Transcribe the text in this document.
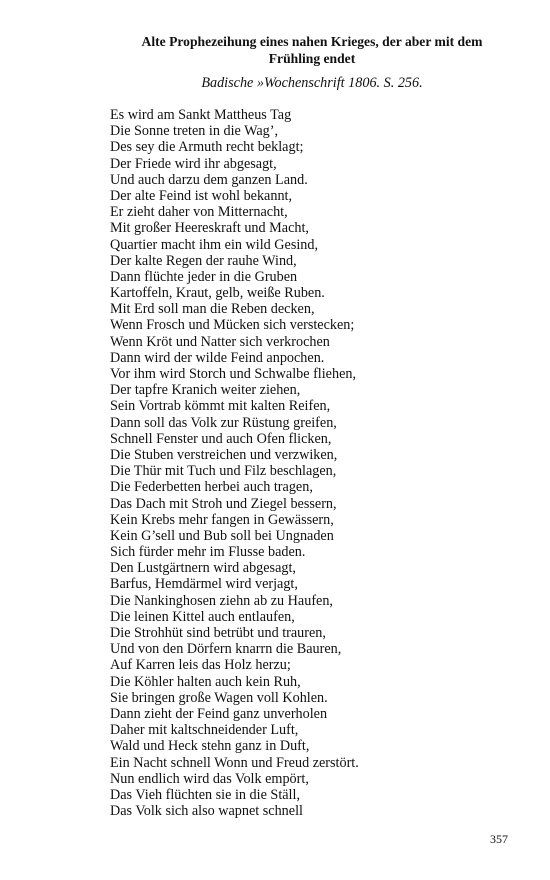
Alte Prophezeihung eines nahen Krieges, der aber mit dem
Frühling endet

Badische »Wochenschrift 1806. S. 256.

Es wird am Sankt Mattheus Tag
Die Sonne treten in die Wag’,
Des sey die Armuth recht beklagt;
Der Friede wird ihr abgesagt,
Und auch darzu dem ganzen Land.
Der alte Feind ist wohl bekannt,
Er zieht daher von Mitternacht,
Mit großer Heereskraft und Macht,
Quartier macht ihm ein wild Gesind,
Der kalte Regen der rauhe Wind,
Dann flüchte jeder in die Gruben
Kartoffeln, Kraut, gelb, weiße Ruben.
Mit Erd soll man die Reben decken,
Wenn Frosch und Mücken sich verstecken;
Wenn Kröt und Natter sich verkrochen
Dann wird der wilde Feind anpochen.
Vor ihm wird Storch und Schwalbe fliehen,
Der tapfre Kranich weiter ziehen,
Sein Vortrab kömmt mit kalten Reifen,
Dann soll das Volk zur Rüstung greifen,
Schnell Fenster und auch Ofen flicken,
Die Stuben verstreichen und verzwiken,
Die Thür mit Tuch und Filz beschlagen,
Die Federbetten herbei auch tragen,
Das Dach mit Stroh und Ziegel bessern,
Kein Krebs mehr fangen in Gewässern,
Kein G’sell und Bub soll bei Ungnaden
Sich fürder mehr im Flusse baden.
Den Lustgärtnern wird abgesagt,
Barfus, Hemdärmel wird verjagt,
Die Nankinghosen ziehn ab zu Haufen,
Die leinen Kittel auch entlaufen,
Die Strohhüt sind betrübt und trauren,
Und von den Dörfern knarrn die Bauren,
Auf Karren leis das Holz herzu;
Die Köhler halten auch kein Ruh,
Sie bringen große Wagen voll Kohlen.
Dann zieht der Feind ganz unverholen
Daher mit kaltschneidender Luft,
Wald und Heck stehn ganz in Duft,
Ein Nacht schnell Wonn und Freud zerstört.
Nun endlich wird das Volk empört,
Das Vieh flüchten sie in die Ställ,
Das Volk sich also wapnet schnell

357
